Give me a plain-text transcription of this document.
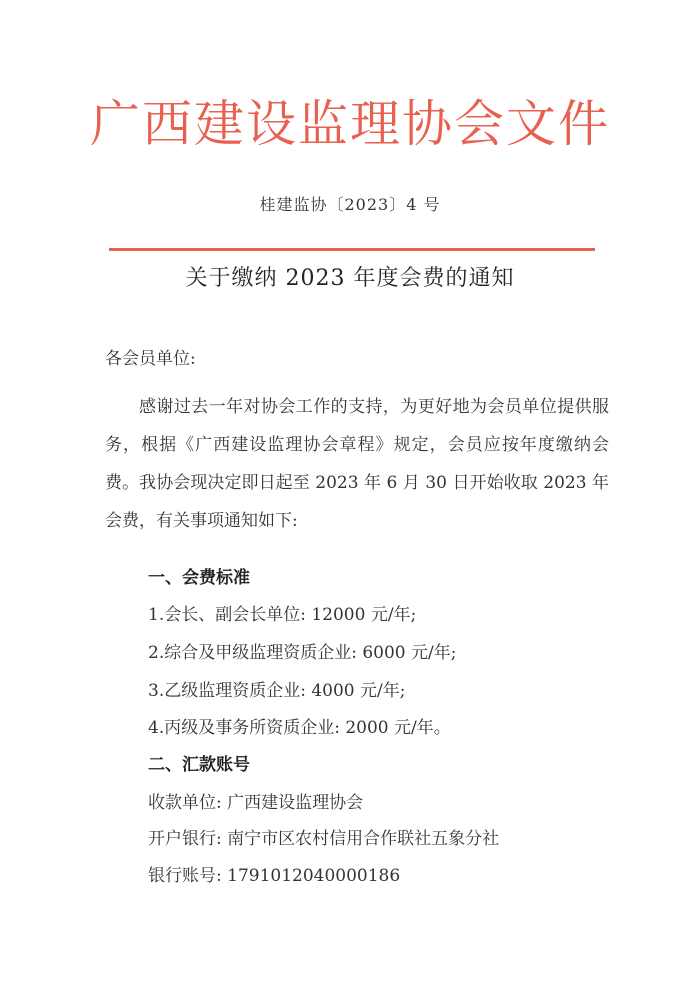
广西建设监理协会文件
桂建监协〔2023〕4 号
关于缴纳 2023 年度会费的通知
各会员单位:
感谢过去一年对协会工作的支持，为更好地为会员单位提供服务，根据《广西建设监理协会章程》规定，会员应按年度缴纳会费。我协会现决定即日起至 2023 年 6 月 30 日开始收取 2023 年会费，有关事项通知如下:
一、会费标准
1.会长、副会长单位: 12000 元/年;
2.综合及甲级监理资质企业: 6000 元/年;
3.乙级监理资质企业: 4000 元/年;
4.丙级及事务所资质企业: 2000 元/年。
二、汇款账号
收款单位: 广西建设监理协会
开户银行: 南宁市区农村信用合作联社五象分社
银行账号: 1791012040000186
